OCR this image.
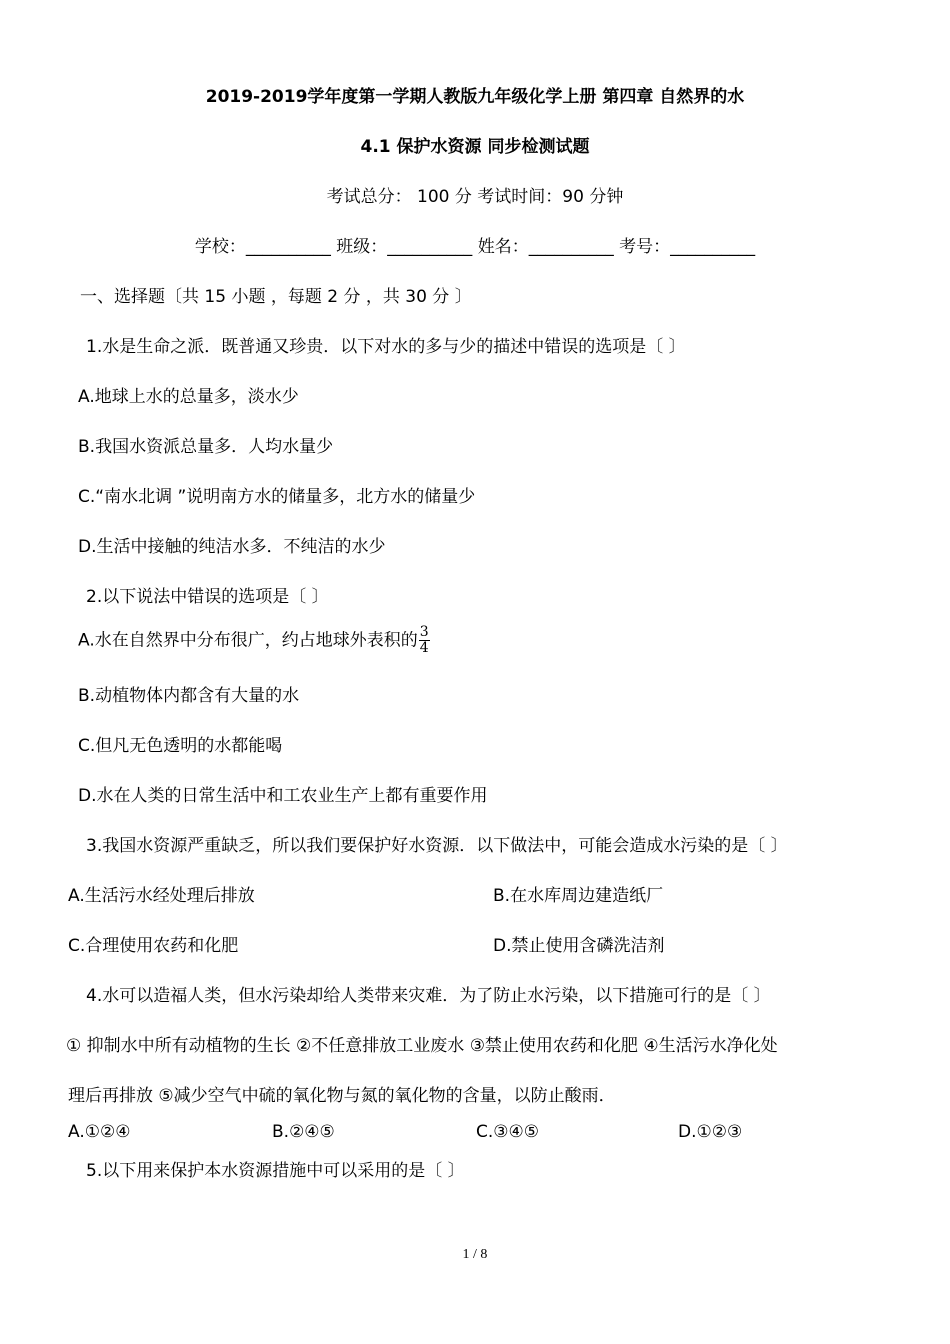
2019-2019学年度第一学期人教版九年级化学上册 第四章 自然界的水
4.1 保护水资源 同步检测试题
考试总分： 100 分 考试时间：90 分钟
学校：__________ 班级：__________ 姓名：__________ 考号：__________
一、选择题〔共 15 小题 ，每题 2 分 ，共 30 分 〕
1.水是生命之派．既普通又珍贵．以下对水的多与少的描述中错误的选项是〔 〕
A.地球上水的总量多，淡水少
B.我国水资派总量多．人均水量少
C.“南水北调 ”说明南方水的储量多，北方水的储量少
D.生活中接触的纯洁水多．不纯洁的水少
2.以下说法中错误的选项是〔 〕
A.水在自然界中分布很广，约占地球外表积的 $\frac{3}{4}$
B.动植物体内都含有大量的水
C.但凡无色透明的水都能喝
D.水在人类的日常生活中和工农业生产上都有重要作用
3.我国水资源严重缺乏，所以我们要保护好水资源．以下做法中，可能会造成水污染的是〔 〕
A.生活污水经处理后排放	B.在水库周边建造纸厂
C.合理使用农药和化肥	D.禁止使用含磷洗洁剂
4.水可以造福人类，但水污染却给人类带来灾难．为了防止水污染，以下措施可行的是〔 〕
① 抑制水中所有动植物的生长 ②不任意排放工业废水 ③禁止使用农药和化肥 ④生活污水净化处
理后再排放 ⑤减少空气中硫的氧化物与氮的氧化物的含量，以防止酸雨．
A.①②④	B.②④⑤	C.③④⑤	D.①②③
5.以下用来保护本水资源措施中可以采用的是〔 〕
1 / 8
